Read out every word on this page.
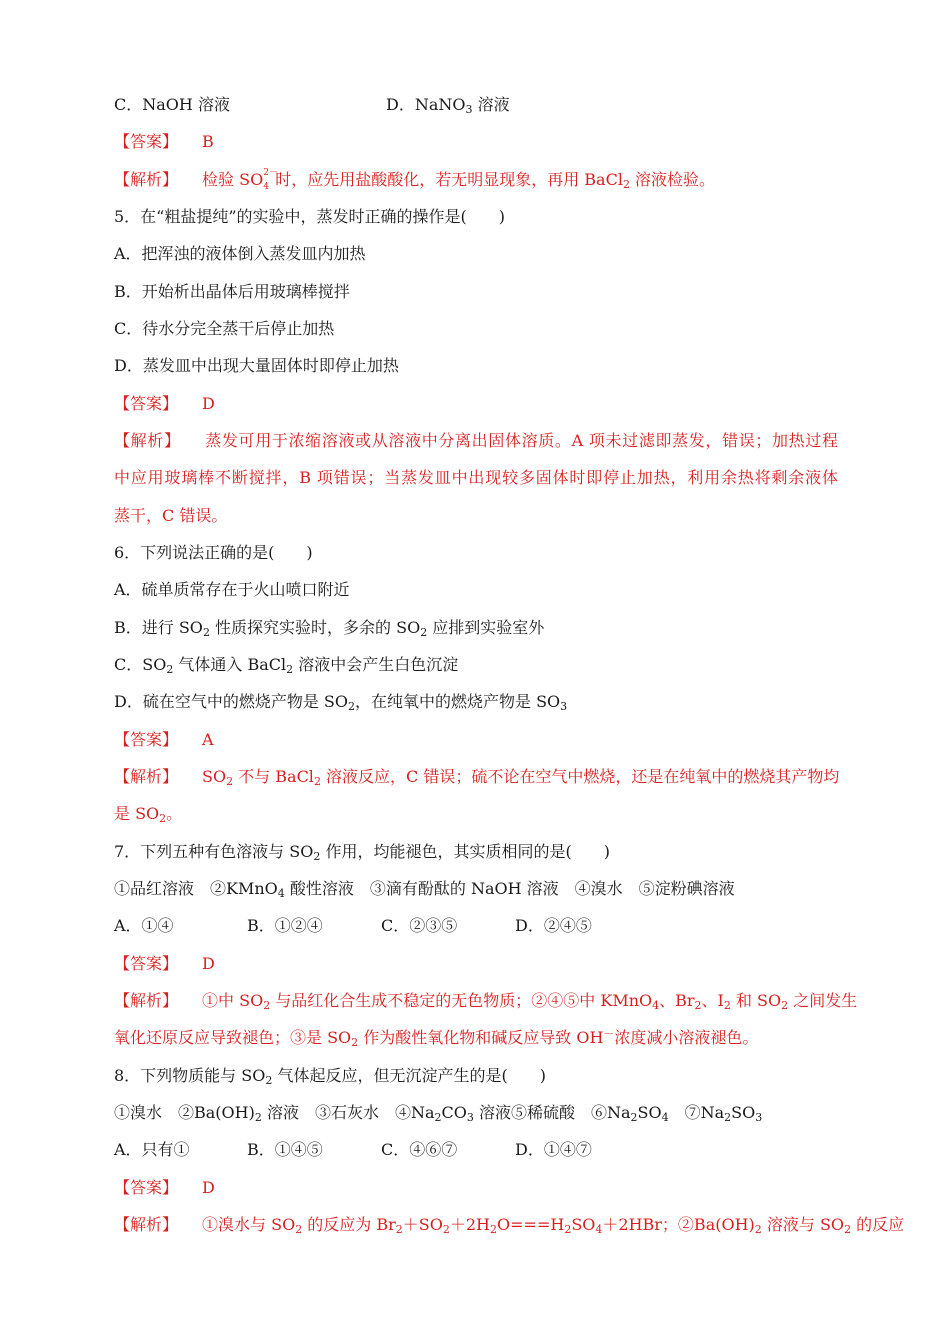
C．NaOH 溶液	D．NaNO$_3$ 溶液
【答案】 B
【解析】 检验 SO 2－
4 时，应先用盐酸酸化，若无明显现象，再用 BaCl$_2$ 溶液检验。
5．在“粗盐提纯”的实验中，蒸发时正确的操作是(　　)
A．把浑浊的液体倒入蒸发皿内加热
B．开始析出晶体后用玻璃棒搅拌
C．待水分完全蒸干后停止加热
D．蒸发皿中出现大量固体时即停止加热
【答案】 D
【解析】 蒸发可用于浓缩溶液或从溶液中分离出固体溶质。A 项未过滤即蒸发，错误；加热过程
中应用玻璃棒不断搅拌，B 项错误；当蒸发皿中出现较多固体时即停止加热，利用余热将剩余液体
蒸干，C 错误。
6．下列说法正确的是(　　)
A．硫单质常存在于火山喷口附近
B．进行 $SO_2$ 性质探究实验时，多余的 $SO_2$ 应排到实验室外
C．$SO_2$ 气体通入 BaCl$_2$ 溶液中会产生白色沉淀
D．硫在空气中的燃烧产物是 $SO_2$，在纯氧中的燃烧产物是 $SO_3$
【答案】 A
【解析】 $SO_2$ 不与 BaCl$_2$ 溶液反应，C 错误；硫不论在空气中燃烧，还是在纯氧中的燃烧其产物均
是 $SO_2$。
7．下列五种有色溶液与 $SO_2$ 作用，均能褪色，其实质相同的是(　　)
①品红溶液　②KMnO$_4$ 酸性溶液　③滴有酚酞的 NaOH 溶液　④溴水　⑤淀粉碘溶液
A．①④	B．①②④	C．②③⑤	D．②④⑤
【答案】 D
【解析】 ①中 $SO_2$ 与品红化合生成不稳定的无色物质；②④⑤中 KMnO$_4$、$Br_2$、$I_2$ 和 $SO_2$ 之间发生
氧化还原反应导致褪色；③是 $SO_2$ 作为酸性氧化物和碱反应导致 OH－浓度减小溶液褪色。
8．下列物质能与 $SO_2$ 气体起反应，但无沉淀产生的是(　　)
①溴水　$②Ba(OH)_2$ 溶液　③石灰水　$④Na_2CO_3$ 溶液⑤稀硫酸　$⑥Na_2SO_4$　$⑦Na_2SO_3$
A．只有①	B．①④⑤	C．④⑥⑦	D．①④⑦
【答案】 D
【解析】 ①溴水与 $SO_2$ 的反应为 $Br_2+SO_2+2H_2O===H_2SO_4+2HBr$；$②Ba(OH)_2$ 溶液与 $SO_2$ 的反应
